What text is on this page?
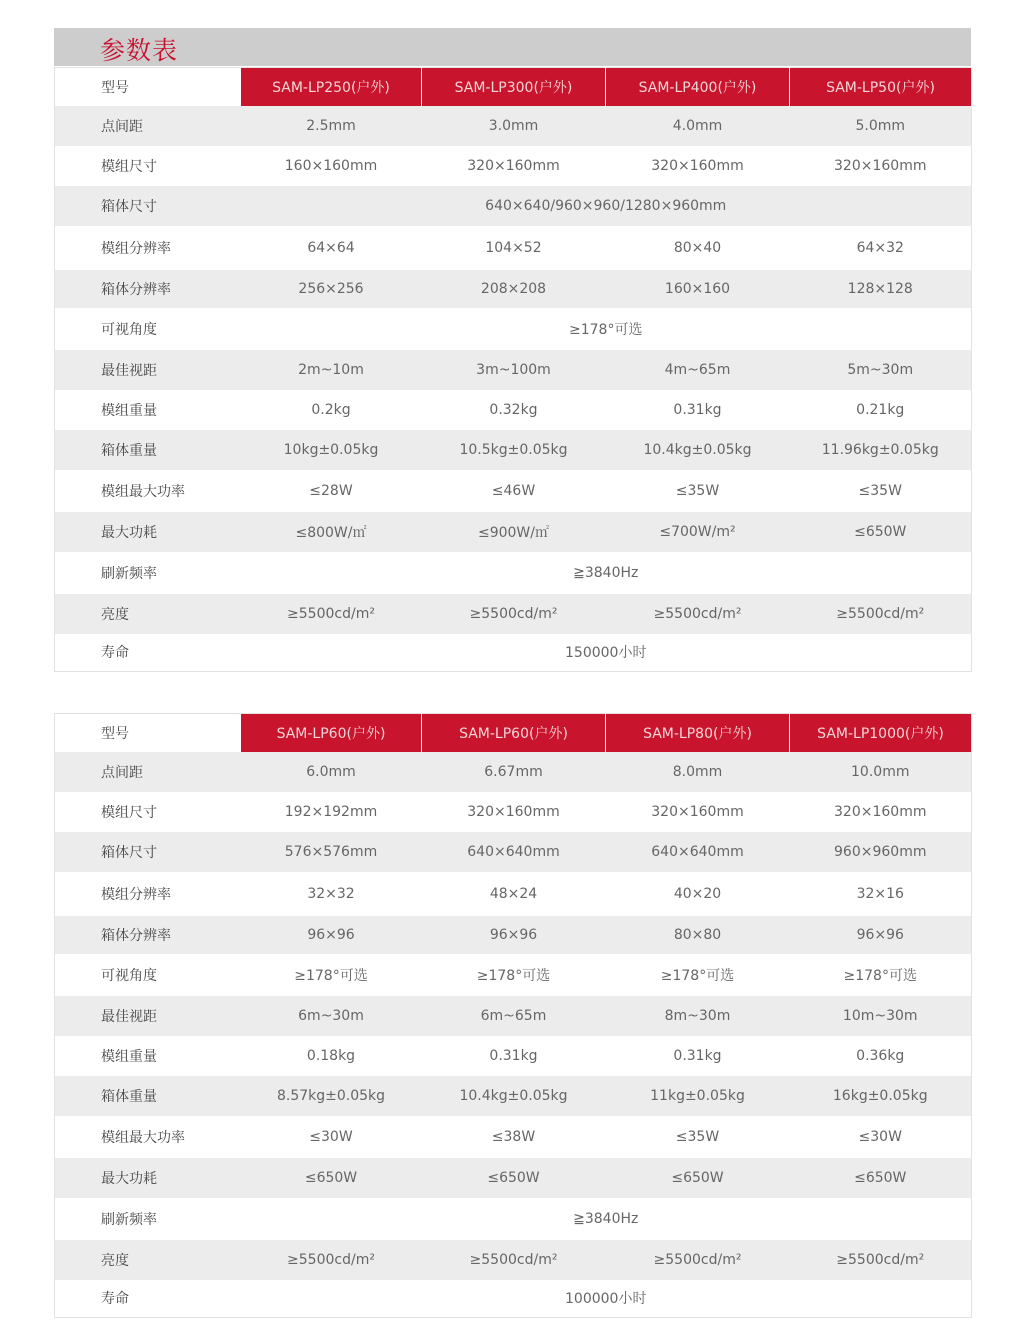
参数表
型号	SAM-LP250(户外)	SAM-LP300(户外)	SAM-LP400(户外)	SAM-LP50(户外)
点间距	2.5mm	3.0mm	4.0mm	5.0mm
模组尺寸	160×160mm	320×160mm	320×160mm	320×160mm
箱体尺寸	640×640/960×960/1280×960mm			
模组分辨率	64×64	104×52	80×40	64×32
箱体分辨率	256×256	208×208	160×160	128×128
可视角度	≥178°可选			
最佳视距	2m~10m	3m~100m	4m~65m	5m~30m
模组重量	0.2kg	0.32kg	0.31kg	0.21kg
箱体重量	10kg±0.05kg	10.5kg±0.05kg	10.4kg±0.05kg	11.96kg±0.05kg
模组最大功率	≤28W	≤46W	≤35W	≤35W
最大功耗	≤800W/㎡	≤900W/㎡	≤700W/m²	≤650W
刷新频率	≧3840Hz			
亮度	≥5500cd/m²	≥5500cd/m²	≥5500cd/m²	≥5500cd/m²
寿命	150000小时			
型号	SAM-LP60(户外)	SAM-LP60(户外)	SAM-LP80(户外)	SAM-LP1000(户外)
点间距	6.0mm	6.67mm	8.0mm	10.0mm
模组尺寸	192×192mm	320×160mm	320×160mm	320×160mm
箱体尺寸	576×576mm	640×640mm	640×640mm	960×960mm
模组分辨率	32×32	48×24	40×20	32×16
箱体分辨率	96×96	96×96	80×80	96×96
可视角度	≥178°可选	≥178°可选	≥178°可选	≥178°可选
最佳视距	6m~30m	6m~65m	8m~30m	10m~30m
模组重量	0.18kg	0.31kg	0.31kg	0.36kg
箱体重量	8.57kg±0.05kg	10.4kg±0.05kg	11kg±0.05kg	16kg±0.05kg
模组最大功率	≤30W	≤38W	≤35W	≤30W
最大功耗	≤650W	≤650W	≤650W	≤650W
刷新频率	≧3840Hz			
亮度	≥5500cd/m²	≥5500cd/m²	≥5500cd/m²	≥5500cd/m²
寿命	100000小时			
